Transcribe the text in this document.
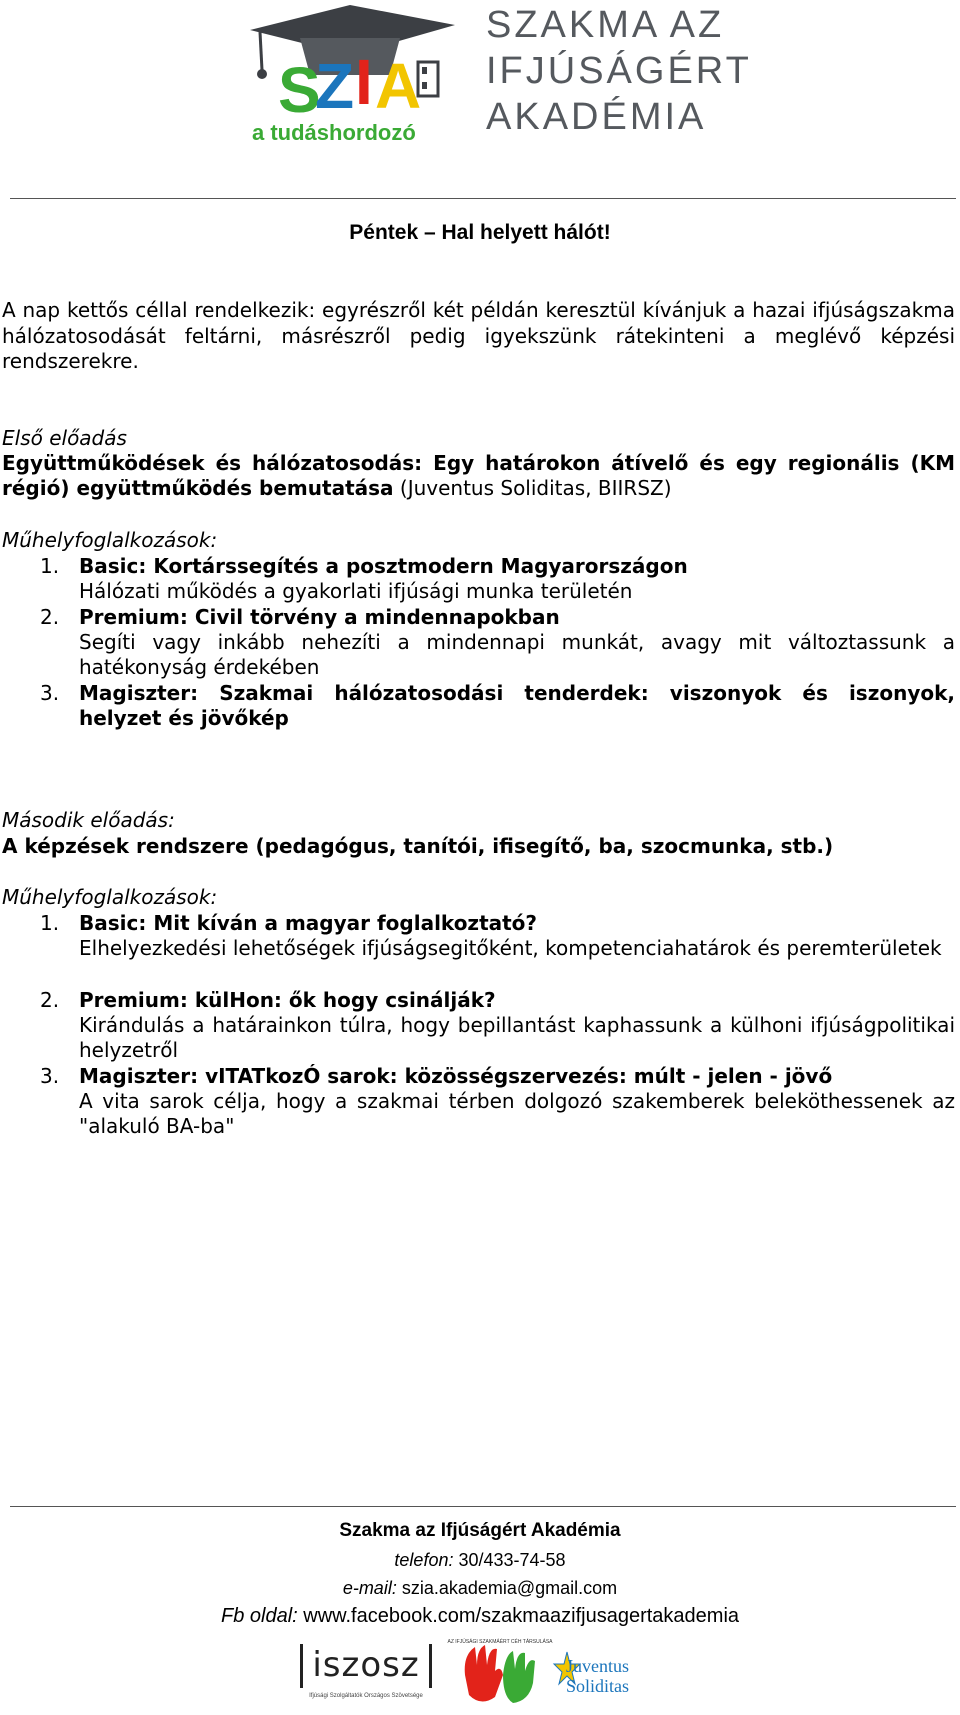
S
Z I A
a tudáshordozó
SZAKMA AZ
IFJÚSÁGÉRT
AKADÉMIA
Péntek – Hal helyett hálót!
A nap kettős céllal rendelkezik: egyrészről két példán keresztül kívánjuk a hazai ifjúságszakma hálózatosodását feltárni, másrészről pedig igyekszünk rátekinteni a meglévő képzési rendszerekre.
Első előadás
Együttműködések és hálózatosodás: Egy határokon átívelő és egy regionális (KM régió) együttműködés bemutatása (Juventus Soliditas, BIIRSZ)
Műhelyfoglalkozások:
1. Basic: Kortárssegítés a posztmodern Magyarországon
Hálózati működés a gyakorlati ifjúsági munka területén
2. Premium: Civil törvény a mindennapokban
Segíti vagy inkább nehezíti a mindennapi munkát, avagy mit változtassunk a hatékonyság érdekében
3. Magiszter: Szakmai hálózatosodási tenderdek: viszonyok és iszonyok, helyzet és jövőkép
Második előadás:
A képzések rendszere (pedagógus, tanítói, ifisegítő, ba, szocmunka, stb.)
Műhelyfoglalkozások:
1. Basic: Mit kíván a magyar foglalkoztató?
Elhelyezkedési lehetőségek ifjúságsegitőként, kompetenciahatárok és peremterületek
2. Premium: külHon: ők hogy csinálják?
Kirándulás a határainkon túlra, hogy bepillantást kaphassunk a külhoni ifjúságpolitikai helyzetről
3. Magiszter: vITATkozÓ sarok: közösségszervezés: múlt - jelen - jövő
A vita sarok célja, hogy a szakmai térben dolgozó szakemberek beleköthessenek az "alakuló BA-ba"
Szakma az Ifjúságért Akadémia
telefon: 30/433-74-58
e-mail: szia.akademia@gmail.com
Fb oldal: www.facebook.com/szakmaazifjusagertakademia
iszosz
Ifjúsági Szolgáltatók Országos Szövetsége
AZ IFJÚSÁGI SZAKMÁÉRT CÉH TÁRSULÁSA
Juventus
Soliditas
